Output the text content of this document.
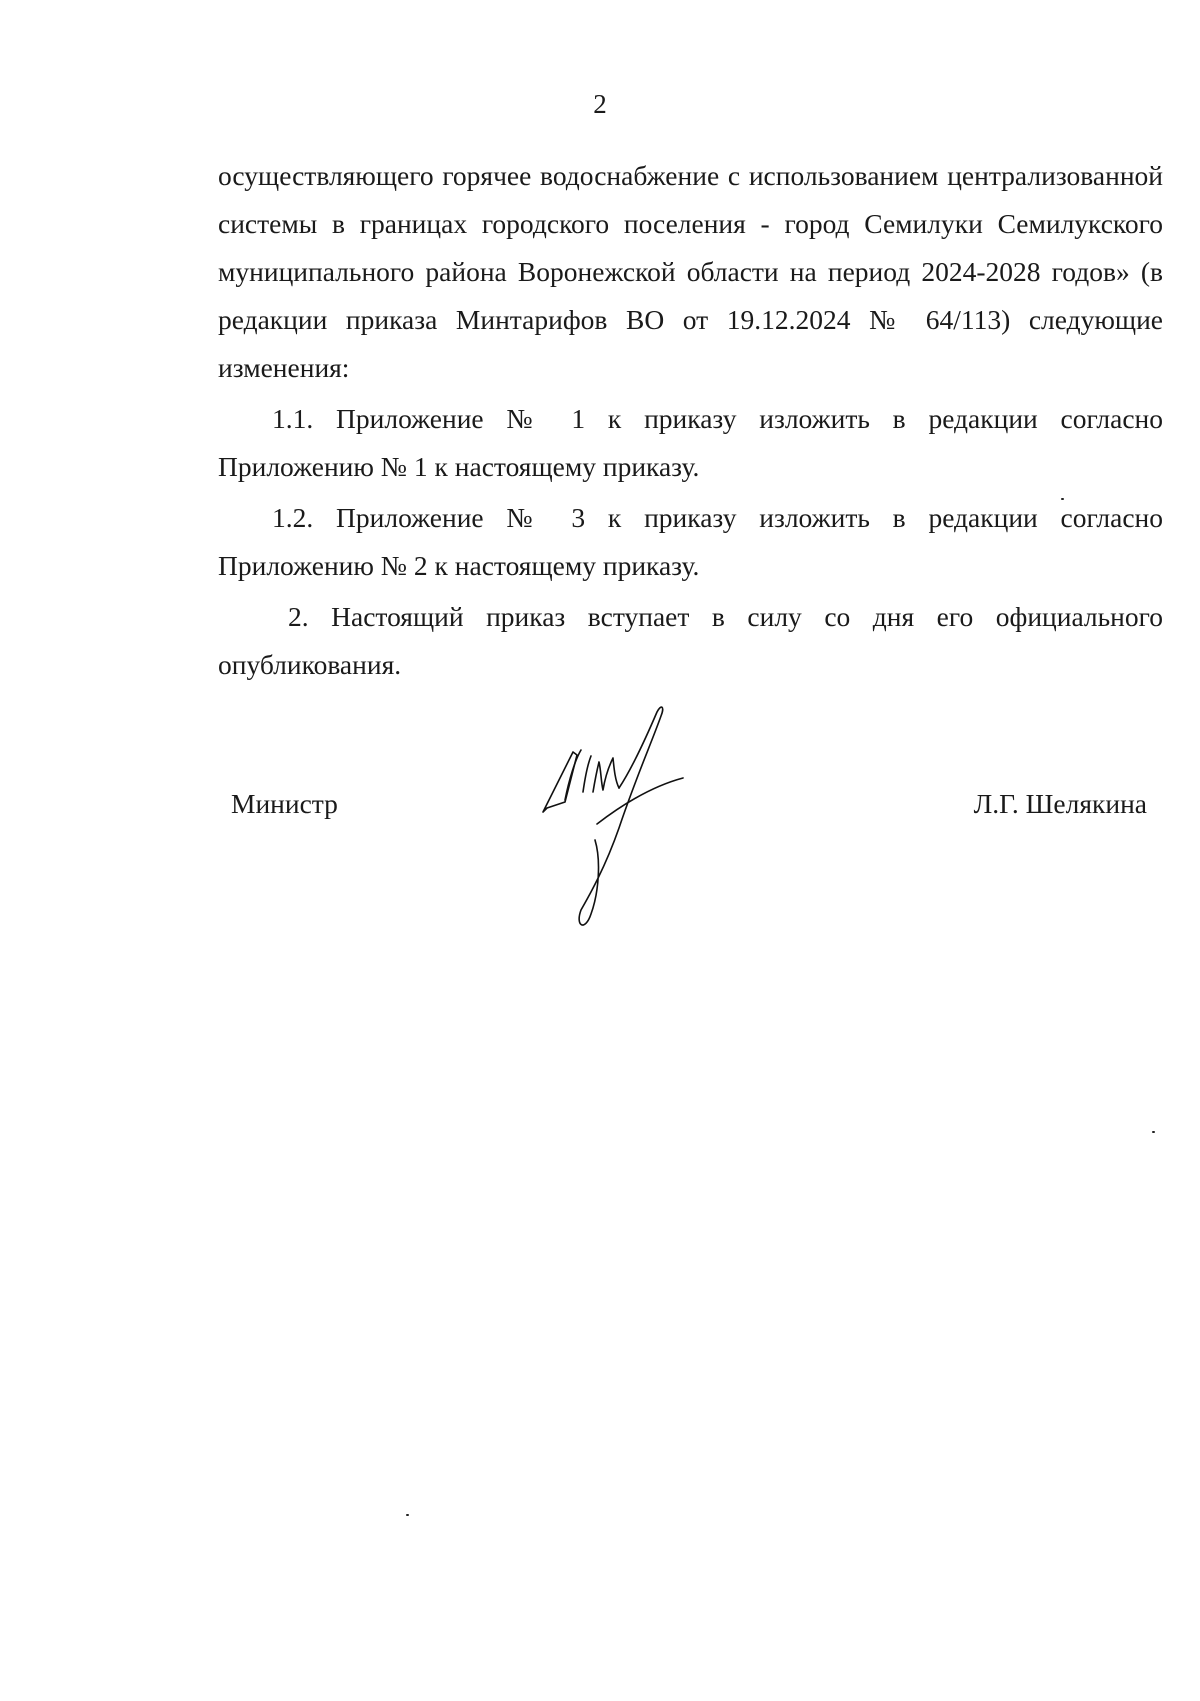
2

осуществляющего горячее водоснабжение с использованием централизованной системы в границах городского поселения - город Семилуки Семилукского муниципального района Воронежской области на период 2024-2028 годов» (в редакции приказа Минтарифов ВО от 19.12.2024 № 64/113) следующие изменения:

1.1. Приложение № 1 к приказу изложить в редакции согласно Приложению № 1 к настоящему приказу.

1.2. Приложение № 3 к приказу изложить в редакции согласно Приложению № 2 к настоящему приказу.

2. Настоящий приказ вступает в силу со дня его официального опубликования.

Министр	Л.Г. Шелякина
